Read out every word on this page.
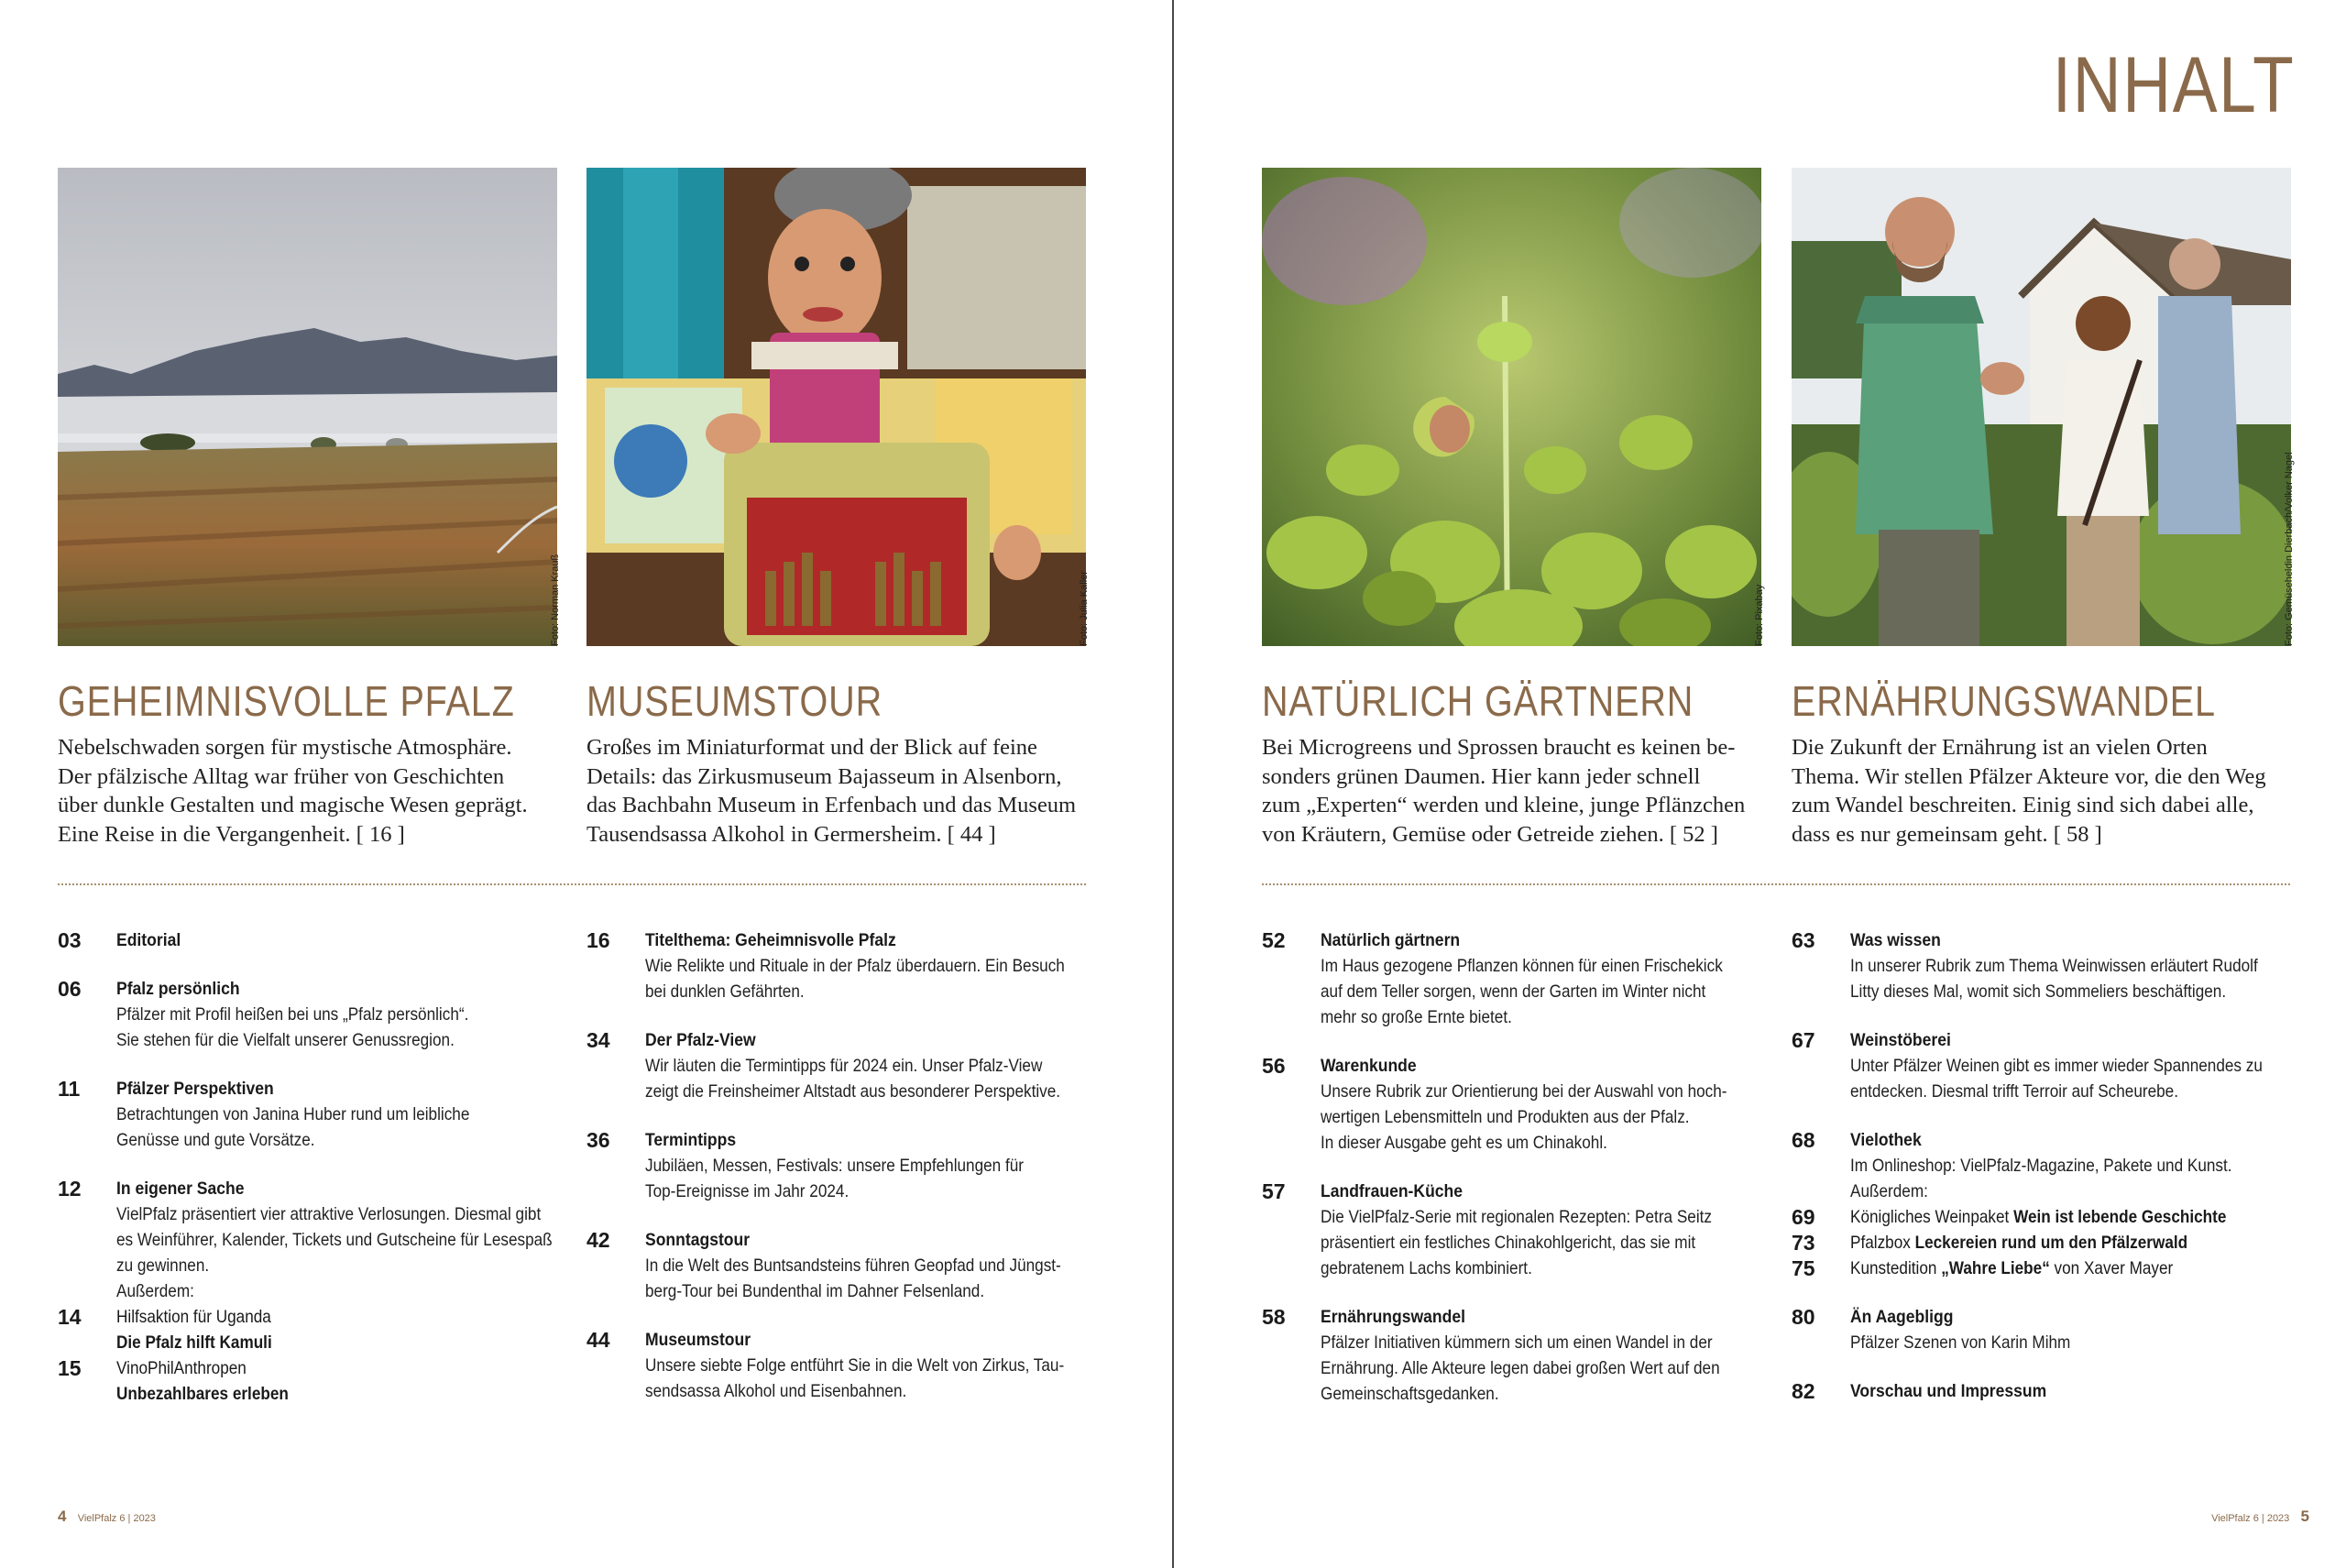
Foto: Norman Krauß	Foto: Julia Kaller
GEHEIMNISVOLLE PFALZ
Nebelschwaden sorgen für mystische Atmosphäre.
Der pfälzische Alltag war früher von Geschichten
über dunkle Gestalten und magische Wesen geprägt.
Eine Reise in die Vergangenheit. [ 16 ]
MUSEUMSTOUR
Großes im Miniaturformat und der Blick auf feine
Details: das Zirkusmuseum Bajasseum in Alsenborn,
das Bachbahn Museum in Erfenbach und das Museum
Tausendsassa Alkohol in Germersheim. [ 44 ]
03 Editorial
06 Pfalz persönlich
Pfälzer mit Profil heißen bei uns „Pfalz persönlich“.
Sie stehen für die Vielfalt unserer Genussregion.
11 Pfälzer Perspektiven
Betrachtungen von Janina Huber rund um leibliche
Genüsse und gute Vorsätze.
12 In eigener Sache
VielPfalz präsentiert vier attraktive Verlosungen. Diesmal gibt
es Weinführer, Kalender, Tickets und Gutscheine für Lesespaß
zu gewinnen.
Außerdem:
14 Hilfsaktion für Uganda
Die Pfalz hilft Kamuli
15 VinoPhilAnthropen
Unbezahlbares erleben
16 Titelthema: Geheimnisvolle Pfalz
Wie Relikte und Rituale in der Pfalz überdauern. Ein Besuch
bei dunklen Gefährten.
34 Der Pfalz-View
Wir läuten die Termintipps für 2024 ein. Unser Pfalz-View
zeigt die Freinsheimer Altstadt aus besonderer Perspektive.
36 Termintipps
Jubiläen, Messen, Festivals: unsere Empfehlungen für
Top-Ereignisse im Jahr 2024.
42 Sonntagstour
In die Welt des Buntsandsteins führen Geopfad und Jüngst-
berg-Tour bei Bundenthal im Dahner Felsenland.
44 Museumstour
Unsere siebte Folge entführt Sie in die Welt von Zirkus, Tau-
sendsassa Alkohol und Eisenbahnen.
4 VielPfalz 6 | 2023
INHALT
Foto: Pixabay	Foto: Gemüseheldin Dierbach/Volker Nagel
NATÜRLICH GÄRTNERN
Bei Microgreens und Sprossen braucht es keinen be-
sonders grünen Daumen. Hier kann jeder schnell
zum „Experten“ werden und kleine, junge Pflänzchen
von Kräutern, Gemüse oder Getreide ziehen. [ 52 ]
ERNÄHRUNGSWANDEL
Die Zukunft der Ernährung ist an vielen Orten
Thema. Wir stellen Pfälzer Akteure vor, die den Weg
zum Wandel beschreiten. Einig sind sich dabei alle,
dass es nur gemeinsam geht. [ 58 ]
52 Natürlich gärtnern
Im Haus gezogene Pflanzen können für einen Frischekick
auf dem Teller sorgen, wenn der Garten im Winter nicht
mehr so große Ernte bietet.
56 Warenkunde
Unsere Rubrik zur Orientierung bei der Auswahl von hoch-
wertigen Lebensmitteln und Produkten aus der Pfalz.
In dieser Ausgabe geht es um Chinakohl.
57 Landfrauen-Küche
Die VielPfalz-Serie mit regionalen Rezepten: Petra Seitz
präsentiert ein festliches Chinakohlgericht, das sie mit
gebratenem Lachs kombiniert.
58 Ernährungswandel
Pfälzer Initiativen kümmern sich um einen Wandel in der
Ernährung. Alle Akteure legen dabei großen Wert auf den
Gemeinschaftsgedanken.
63 Was wissen
In unserer Rubrik zum Thema Weinwissen erläutert Rudolf
Litty dieses Mal, womit sich Sommeliers beschäftigen.
67 Weinstöberei
Unter Pfälzer Weinen gibt es immer wieder Spannendes zu
entdecken. Diesmal trifft Terroir auf Scheurebe.
68 Vielothek
Im Onlineshop: VielPfalz-Magazine, Pakete und Kunst.
Außerdem:
69 Königliches Weinpaket Wein ist lebende Geschichte
73 Pfalzbox Leckereien rund um den Pfälzerwald
75 Kunstedition „Wahre Liebe“ von Xaver Mayer
80 Än Aagebligg
Pfälzer Szenen von Karin Mihm
82 Vorschau und Impressum
VielPfalz 6 | 2023 5
